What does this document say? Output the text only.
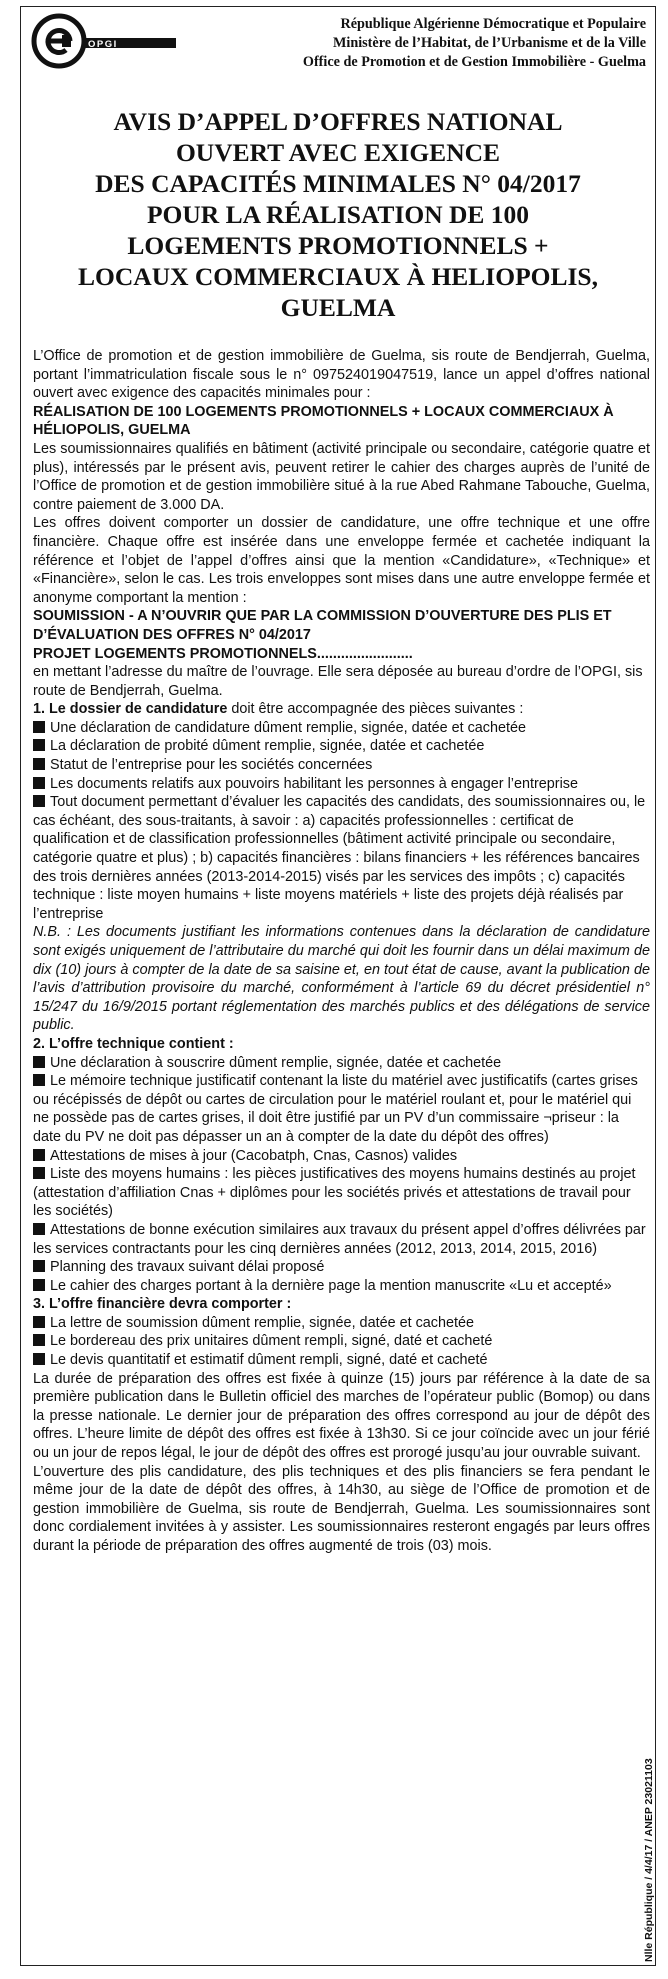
OPGI
République Algérienne Démocratique et Populaire
Ministère de l’Habitat, de l’Urbanisme et de la Ville
Office de Promotion et de Gestion Immobilière - Guelma
AVIS D’APPEL D’OFFRES NATIONAL
OUVERT AVEC EXIGENCE
DES CAPACITÉS MINIMALES N° 04/2017
POUR LA RÉALISATION DE 100
LOGEMENTS PROMOTIONNELS +
LOCAUX COMMERCIAUX À HELIOPOLIS,
GUELMA

L’Office de promotion et de gestion immobilière de Guelma, sis route de Bendjerrah, Guelma, portant l’immatriculation fiscale sous le n° 097524019047519, lance un appel d’offres national ouvert avec exigence des capacités minimales pour :

RÉALISATION DE 100 LOGEMENTS PROMOTIONNELS + LOCAUX COMMERCIAUX À HÉLIOPOLIS, GUELMA

Les soumissionnaires qualifiés en bâtiment (activité principale ou secondaire, catégorie quatre et plus), intéressés par le présent avis, peuvent retirer le cahier des charges auprès de l’unité de l’Office de promotion et de gestion immobilière situé à la rue Abed Rahmane Tabouche, Guelma, contre paiement de 3.000 DA.

Les offres doivent comporter un dossier de candidature, une offre technique et une offre financière. Chaque offre est insérée dans une enveloppe fermée et cachetée indiquant la référence et l’objet de l’appel d’offres ainsi que la mention «Candidature», «Technique» et «Financière», selon le cas. Les trois enveloppes sont mises dans une autre enveloppe fermée et anonyme comportant la mention :

SOUMISSION - A N’OUVRIR QUE PAR LA COMMISSION D’OUVERTURE DES PLIS ET D’ÉVALUATION DES OFFRES N° 04/2017

PROJET LOGEMENTS PROMOTIONNELS........................

en mettant l’adresse du maître de l’ouvrage. Elle sera déposée au bureau d’ordre de l’OPGI, sis route de Bendjerrah, Guelma.

1. Le dossier de candidature doit être accompagnée des pièces suivantes :

Une déclaration de candidature dûment remplie, signée, datée et cachetée

La déclaration de probité dûment remplie, signée, datée et cachetée

Statut de l’entreprise pour les sociétés concernées

Les documents relatifs aux pouvoirs habilitant les personnes à engager l’entreprise

Tout document permettant d’évaluer les capacités des candidats, des soumissionnaires ou, le cas échéant, des sous-traitants, à savoir : a) capacités professionnelles : certificat de qualification et de classification professionnelles (bâtiment activité principale ou secondaire, catégorie quatre et plus) ; b) capacités financières : bilans financiers + les références bancaires des trois dernières années (2013-2014-2015) visés par les services des impôts ; c) capacités technique : liste moyen humains + liste moyens matériels + liste des projets déjà réalisés par l’entreprise

N.B. : Les documents justifiant les informations contenues dans la déclaration de candidature sont exigés uniquement de l’attributaire du marché qui doit les fournir dans un délai maximum de dix (10) jours à compter de la date de sa saisine et, en tout état de cause, avant la publication de l’avis d’attribution provisoire du marché, conformément à l’article 69 du décret présidentiel n° 15/247 du 16/9/2015 portant réglementation des marchés publics et des délégations de service public.

2. L’offre technique contient :

Une déclaration à souscrire dûment remplie, signée, datée et cachetée

Le mémoire technique justificatif contenant la liste du matériel avec justificatifs (cartes grises ou récépissés de dépôt ou cartes de circulation pour le matériel roulant et, pour le matériel qui ne possède pas de cartes grises, il doit être justifié par un PV d’un commissaire ¬priseur : la date du PV ne doit pas dépasser un an à compter de la date du dépôt des offres)

Attestations de mises à jour (Cacobatph, Cnas, Casnos) valides

Liste des moyens humains : les pièces justificatives des moyens humains destinés au projet (attestation d’affiliation Cnas + diplômes pour les sociétés privés et attestations de travail pour les sociétés)

Attestations de bonne exécution similaires aux travaux du présent appel d’offres délivrées par les services contractants pour les cinq dernières années (2012, 2013, 2014, 2015, 2016)

Planning des travaux suivant délai proposé

Le cahier des charges portant à la dernière page la mention manuscrite «Lu et accepté»

3. L’offre financière devra comporter :

La lettre de soumission dûment remplie, signée, datée et cachetée

Le bordereau des prix unitaires dûment rempli, signé, daté et cacheté

Le devis quantitatif et estimatif dûment rempli, signé, daté et cacheté

La durée de préparation des offres est fixée à quinze (15) jours par référence à la date de sa première publication dans le Bulletin officiel des marches de l’opérateur public (Bomop) ou dans la presse nationale. Le dernier jour de préparation des offres correspond au jour de dépôt des offres. L’heure limite de dépôt des offres est fixée à 13h30. Si ce jour coïncide avec un jour férié ou un jour de repos légal, le jour de dépôt des offres est prorogé jusqu’au jour ouvrable suivant.

L’ouverture des plis candidature, des plis techniques et des plis financiers se fera pendant le même jour de la date de dépôt des offres, à 14h30, au siège de l’Office de promotion et de gestion immobilière de Guelma, sis route de Bendjerrah, Guelma. Les soumissionnaires sont donc cordialement invitées à y assister. Les soumissionnaires resteront engagés par leurs offres durant la période de préparation des offres augmenté de trois (03) mois.

Nlle République / 4/4/17 / ANEP 23021103
